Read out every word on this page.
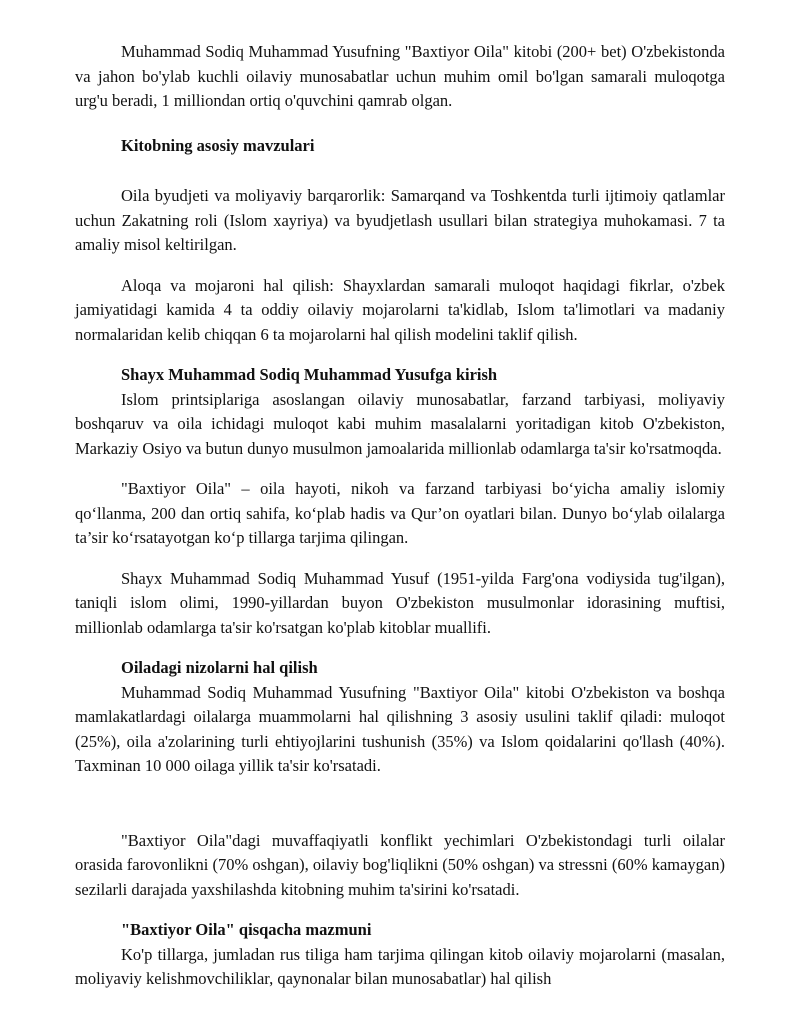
Muhammad Sodiq Muhammad Yusufning "Baxtiyor Oila" kitobi (200+ bet) O'zbekistonda va jahon bo'ylab kuchli oilaviy munosabatlar uchun muhim omil bo'lgan samarali muloqotga urg'u beradi, 1 milliondan ortiq o'quvchini qamrab olgan.

Kitobning asosiy mavzulari

Oila byudjeti va moliyaviy barqarorlik: Samarqand va Toshkentda turli ijtimoiy qatlamlar uchun Zakatning roli (Islom xayriya) va byudjetlash usullari bilan strategiya muhokamasi. 7 ta amaliy misol keltirilgan.

Aloqa va mojaroni hal qilish: Shayxlardan samarali muloqot haqidagi fikrlar, o'zbek jamiyatidagi kamida 4 ta oddiy oilaviy mojarolarni ta'kidlab, Islom ta'limotlari va madaniy normalaridan kelib chiqqan 6 ta mojarolarni hal qilish modelini taklif qilish.

Shayx Muhammad Sodiq Muhammad Yusufga kirish

Islom printsiplariga asoslangan oilaviy munosabatlar, farzand tarbiyasi, moliyaviy boshqaruv va oila ichidagi muloqot kabi muhim masalalarni yoritadigan kitob O'zbekiston, Markaziy Osiyo va butun dunyo musulmon jamoalarida millionlab odamlarga ta'sir ko'rsatmoqda.

"Baxtiyor Oila" – oila hayoti, nikoh va farzand tarbiyasi bo‘yicha amaliy islomiy qo‘llanma, 200 dan ortiq sahifa, ko‘plab hadis va Qur’on oyatlari bilan. Dunyo bo‘ylab oilalarga ta’sir ko‘rsatayotgan ko‘p tillarga tarjima qilingan.

Shayx Muhammad Sodiq Muhammad Yusuf (1951-yilda Farg'ona vodiysida tug'ilgan), taniqli islom olimi, 1990-yillardan buyon O'zbekiston musulmonlar idorasining muftisi, millionlab odamlarga ta'sir ko'rsatgan ko'plab kitoblar muallifi.

Oiladagi nizolarni hal qilish

Muhammad Sodiq Muhammad Yusufning "Baxtiyor Oila" kitobi O'zbekiston va boshqa mamlakatlardagi oilalarga muammolarni hal qilishning 3 asosiy usulini taklif qiladi: muloqot (25%), oila a'zolarining turli ehtiyojlarini tushunish (35%) va Islom qoidalarini qo'llash (40%). Taxminan 10 000 oilaga yillik ta'sir ko'rsatadi.

"Baxtiyor Oila"dagi muvaffaqiyatli konflikt yechimlari O'zbekistondagi turli oilalar orasida farovonlikni (70% oshgan), oilaviy bog'liqlikni (50% oshgan) va stressni (60% kamaygan) sezilarli darajada yaxshilashda kitobning muhim ta'sirini ko'rsatadi.

"Baxtiyor Oila" qisqacha mazmuni

Ko'p tillarga, jumladan rus tiliga ham tarjima qilingan kitob oilaviy mojarolarni (masalan, moliyaviy kelishmovchiliklar, qaynonalar bilan munosabatlar) hal qilish
